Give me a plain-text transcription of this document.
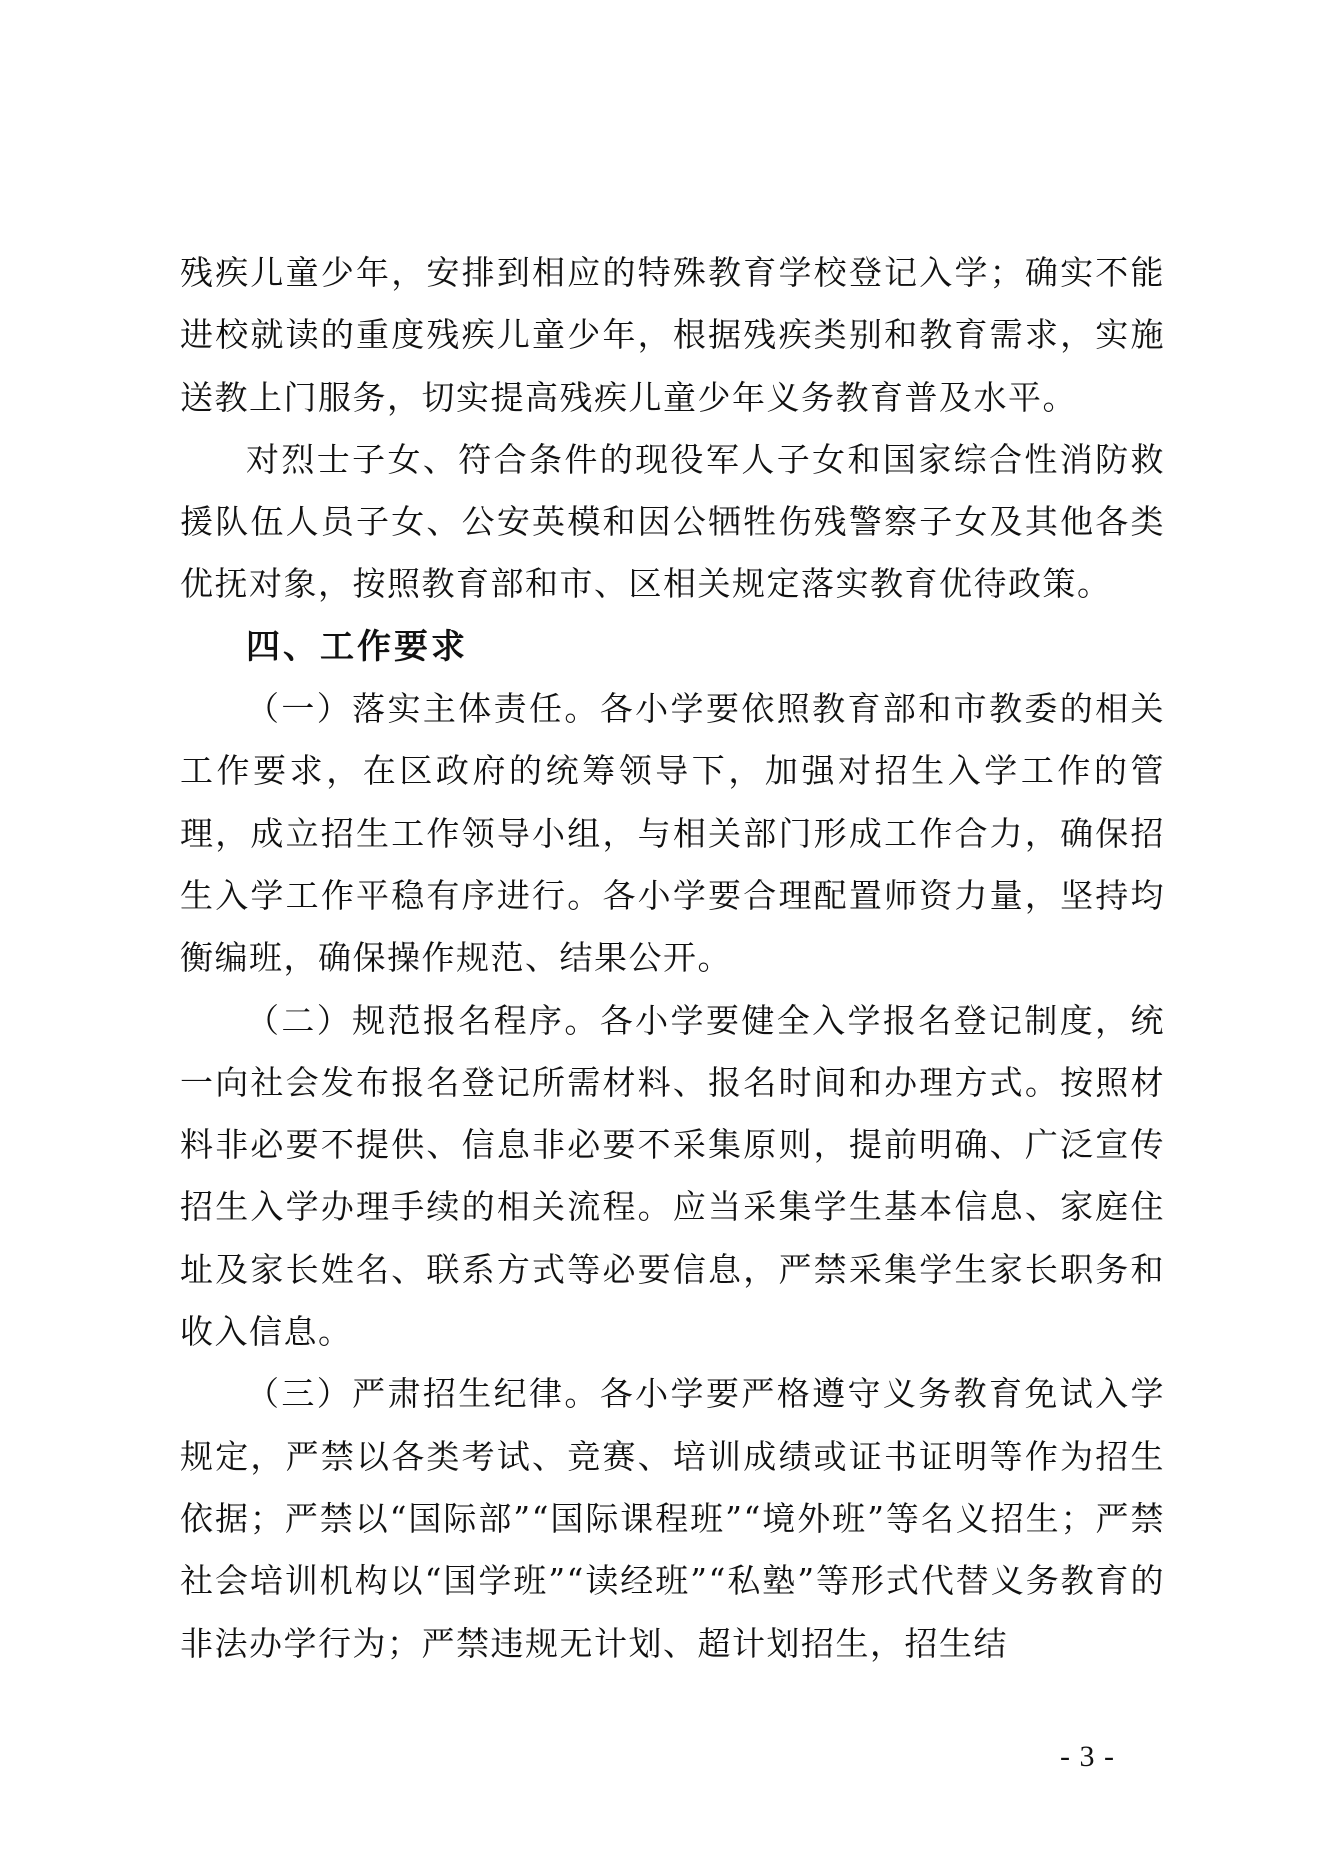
残疾儿童少年，安排到相应的特殊教育学校登记入学；确实不能进校就读的重度残疾儿童少年，根据残疾类别和教育需求，实施送教上门服务，切实提高残疾儿童少年义务教育普及水平。

对烈士子女、符合条件的现役军人子女和国家综合性消防救援队伍人员子女、公安英模和因公牺牲伤残警察子女及其他各类优抚对象，按照教育部和市、区相关规定落实教育优待政策。

四、工作要求

（一）落实主体责任。各小学要依照教育部和市教委的相关工作要求，在区政府的统筹领导下，加强对招生入学工作的管理，成立招生工作领导小组，与相关部门形成工作合力，确保招生入学工作平稳有序进行。各小学要合理配置师资力量，坚持均衡编班，确保操作规范、结果公开。

（二）规范报名程序。各小学要健全入学报名登记制度，统一向社会发布报名登记所需材料、报名时间和办理方式。按照材料非必要不提供、信息非必要不采集原则，提前明确、广泛宣传招生入学办理手续的相关流程。应当采集学生基本信息、家庭住址及家长姓名、联系方式等必要信息，严禁采集学生家长职务和收入信息。

（三）严肃招生纪律。各小学要严格遵守义务教育免试入学规定，严禁以各类考试、竞赛、培训成绩或证书证明等作为招生依据；严禁以“国际部”“国际课程班”“境外班”等名义招生；严禁社会培训机构以“国学班”“读经班”“私塾”等形式代替义务教育的非法办学行为；严禁违规无计划、超计划招生，招生结

- 3 -
